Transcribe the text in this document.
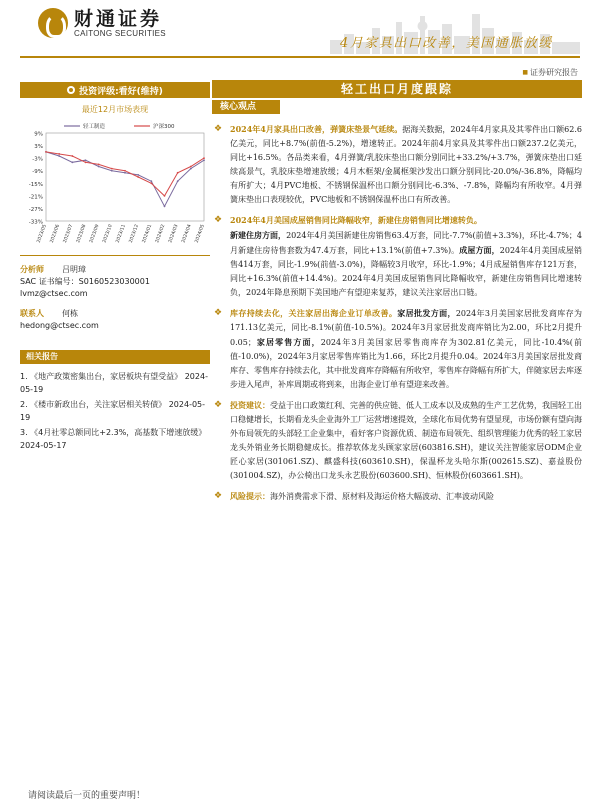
财通证券
CAITONG SECURITIES
4月家具出口改善，美国通胀放缓
■ 证券研究报告
投资评级:看好(维持)
最近12月市场表现
9%
3%
-3%
-9%
-15%
-21%
-27%
-33%
2023/05 2023/06 2023/07 2023/08 2023/09 2023/10 2023/11 2023/12 2024/01 2024/02 2024/03 2024/04 2024/05
轻工制造	沪深300
分析师	吕明璋
SAC 证书编号：S0160523030001
lvmz@ctsec.com
联系人	何栋
hedong@ctsec.com
相关报告
1. 《地产政策密集出台，家居板块有望受益》 2024-05-19
2. 《楼市新政出台，关注家居相关转债》 2024-05-19
3. 《4月社零总额同比+2.3%，高基数下增速放缓》 2024-05-17
轻工出口月度跟踪
核心观点
❖ 2024年4月家具出口改善，弹簧床垫景气延续。据海关数据，2024年4月家具及其零件出口额62.6亿美元，同比+8.7%(前值-5.2%)，增速转正。2024年前4月家具及其零件出口额237.2亿美元，同比+16.5%。各品类来看，4月弹簧/乳胶床垫出口额分别同比+33.2%/+3.7%，弹簧床垫出口延续高景气，乳胶床垫增速放缓；4月木框架/金属框架沙发出口额分别同比-20.0%/-36.8%，降幅均有所扩大；4月PVC地板、不锈钢保温杯出口额分别同比-6.3%、-7.8%，降幅均有所收窄。4月弹簧床垫出口表现较优，PVC地板和不锈钢保温杯出口有所改善。
❖ 2024年4月美国成屋销售同比降幅收窄，新建住房销售同比增速转负。
新建住房方面，2024年4月美国新建住房销售63.4万套，同比-7.7%(前值+3.3%)，环比-4.7%；4月新建住房待售套数为47.4万套，同比+13.1%(前值+7.3%)。成屋方面，2024年4月美国成屋销售414万套，同比-1.9%(前值-3.0%)，降幅较3月收窄，环比-1.9%；4月成屋销售库存121万套，同比+16.3%(前值+14.4%)。2024年4月美国成屋销售同比降幅收窄，新建住房销售同比增速转负，2024年降息预期下美国地产有望迎来复苏，建议关注家居出口链。
❖ 库存持续去化，关注家居出海企业订单改善。家居批发方面，2024年3月美国家居批发商库存为171.13亿美元，同比-8.1%(前值-10.5%)。2024年3月家居批发商库销比为2.00，环比2月提升0.05；家居零售方面，2024年3月美国家居零售商库存为302.81亿美元，同比-10.4%(前值-10.0%)，2024年3月家居零售库销比为1.66，环比2月提升0.04。2024年3月美国家居批发商库存、零售库存持续去化，其中批发商库存降幅有所收窄，零售库存降幅有所扩大，伴随家居去库逐步进入尾声，补库周期或将到来，出海企业订单有望迎来改善。
❖ 投资建议：受益于出口政策红利、完善的供应链、低人工成本以及成熟的生产工艺优势，我国轻工出口稳健增长，长期看龙头企业海外工厂运营增速提效，全球化布局优势有望显现，市场份额有望向海外布局领先的头部轻工企业集中，看好客户资源优质、制造布局领先、组织管理能力优秀的轻工家居龙头外销业务长期稳健成长。推荐软体龙头顾家家居(603816.SH)，建议关注智能家居ODM企业匠心家居(301061.SZ)、麒盛科技(603610.SH)，保温杯龙头哈尔斯(002615.SZ)、嘉益股份(301004.SZ)，办公椅出口龙头永艺股份(603600.SH)、恒林股份(603661.SH)。
❖ 风险提示：海外消费需求下滑、原材料及海运价格大幅波动、汇率波动风险
请阅读最后一页的重要声明！
